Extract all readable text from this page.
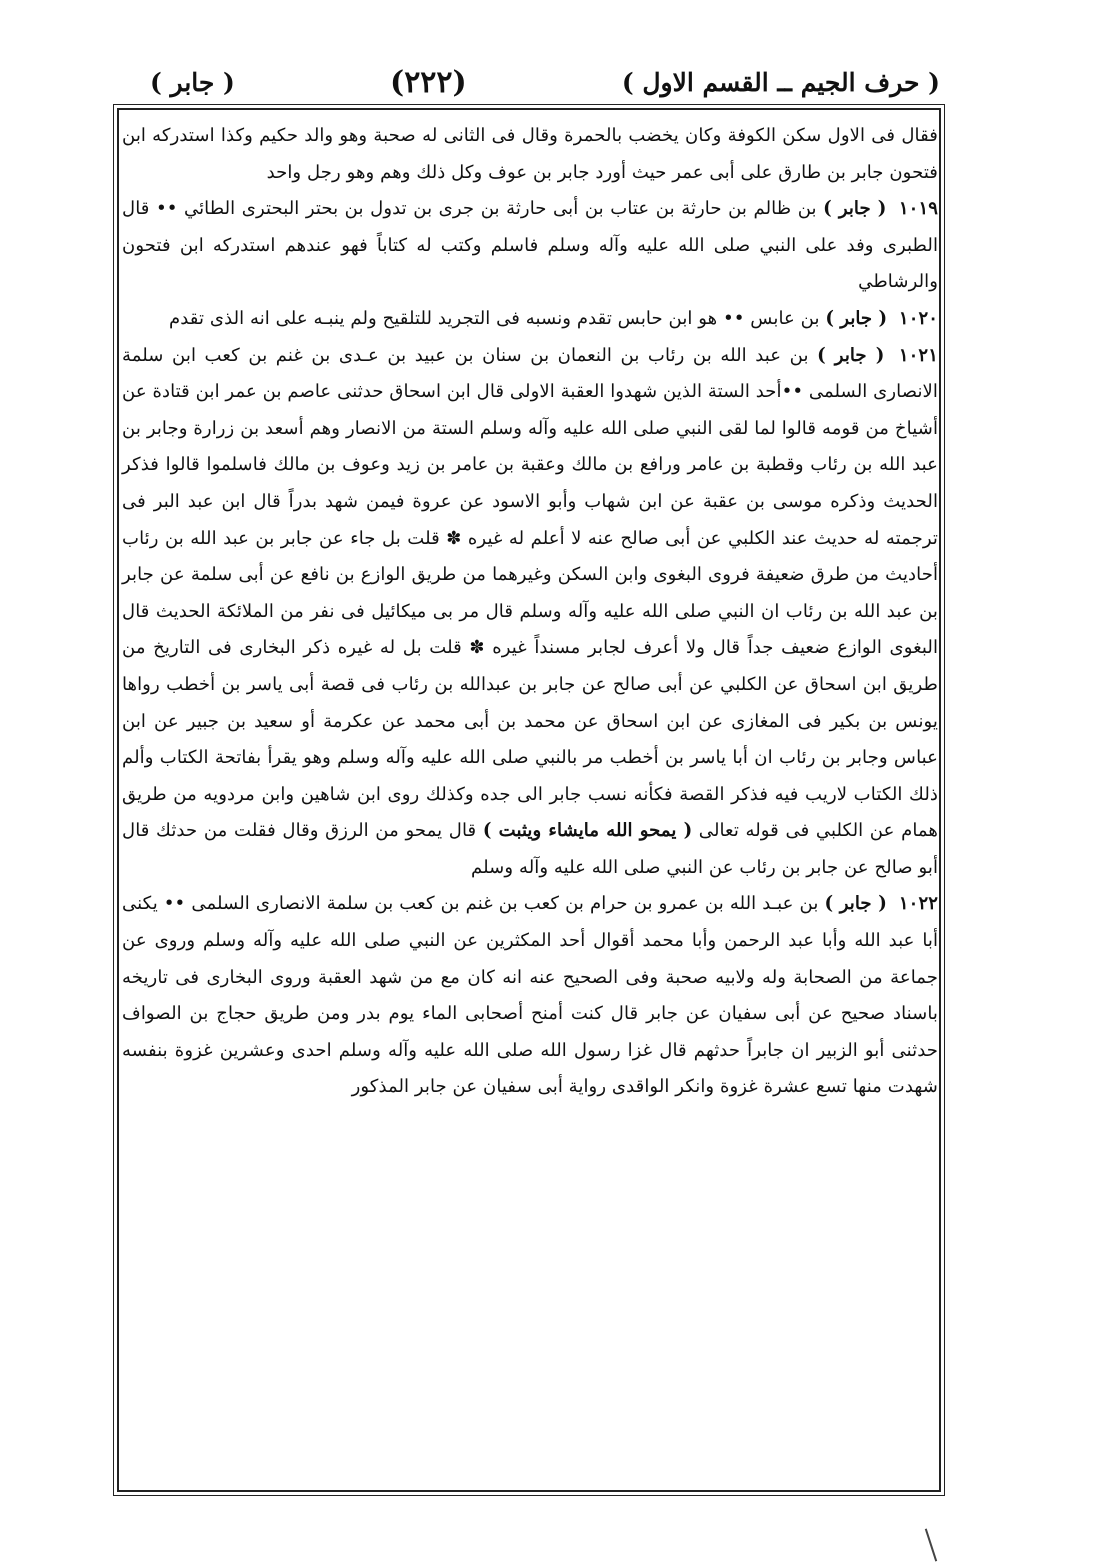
( حرف الجيم ــ القسم الاول )
(٢٢٢)
( جابر )

فقال فى الاول سكن الكوفة وكان يخضب بالحمرة وقال فى الثانى له صحبة وهو والد حكيم وكذا استدركه ابن فتحون جابر بن طارق على أبى عمر حيث أورد جابر بن عوف وكل ذلك وهم وهو رجل واحد

١٠١٩ ( جابر ) بن ظالم بن حارثة بن عتاب بن أبى حارثة بن جرى بن تدول بن بحتر البحترى الطائي •• قال الطبرى وفد على النبي صلى الله عليه وآله وسلم فاسلم وكتب له كتاباً فهو عندهم استدركه ابن فتحون والرشاطي

١٠٢٠ ( جابر ) بن عابس •• هو ابن حابس تقدم ونسبه فى التجريد للتلقيح ولم ينبـه على انه الذى تقدم

١٠٢١ ( جابر ) بن عبد الله بن رئاب بن النعمان بن سنان بن عبيد بن عـدى بن غنم بن كعب ابن سلمة الانصارى السلمى ••أحد الستة الذين شهدوا العقبة الاولى قال ابن اسحاق حدثنى عاصم بن عمر ابن قتادة عن أشياخ من قومه قالوا لما لقى النبي صلى الله عليه وآله وسلم الستة من الانصار وهم أسعد بن زرارة وجابر بن عبد الله بن رئاب وقطبة بن عامر ورافع بن مالك وعقبة بن عامر بن زيد وعوف بن مالك فاسلموا قالوا فذكر الحديث وذكره موسى بن عقبة عن ابن شهاب وأبو الاسود عن عروة فيمن شهد بدراً قال ابن عبد البر فى ترجمته له حديث عند الكلبي عن أبى صالح عنه لا أعلم له غيره ✽ قلت بل جاء عن جابر بن عبد الله بن رئاب أحاديث من طرق ضعيفة فروى البغوى وابن السكن وغيرهما من طريق الوازع بن نافع عن أبى سلمة عن جابر بن عبد الله بن رئاب ان النبي صلى الله عليه وآله وسلم قال مر بى ميكائيل فى نفر من الملائكة الحديث قال البغوى الوازع ضعيف جداً قال ولا أعرف لجابر مسنداً غيره ✽ قلت بل له غيره ذكر البخارى فى التاريخ من طريق ابن اسحاق عن الكلبي عن أبى صالح عن جابر بن عبدالله بن رئاب فى قصة أبى ياسر بن أخطب رواها يونس بن بكير فى المغازى عن ابن اسحاق عن محمد بن أبى محمد عن عكرمة أو سعيد بن جبير عن ابن عباس وجابر بن رئاب ان أبا ياسر بن أخطب مر بالنبي صلى الله عليه وآله وسلم وهو يقرأ بفاتحة الكتاب وألم ذلك الكتاب لاريب فيه فذكر القصة فكأنه نسب جابر الى جده وكذلك روى ابن شاهين وابن مردويه من طريق همام عن الكلبي فى قوله تعالى ( يمحو الله مايشاء ويثبت ) قال يمحو من الرزق وقال فقلت من حدثك قال أبو صالح عن جابر بن رئاب عن النبي صلى الله عليه وآله وسلم

١٠٢٢ ( جابر ) بن عبـد الله بن عمرو بن حرام بن كعب بن غنم بن كعب بن سلمة الانصارى السلمى •• يكنى أبا عبد الله وأبا عبد الرحمن وأبا محمد أقوال أحد المكثرين عن النبي صلى الله عليه وآله وسلم وروى عن جماعة من الصحابة وله ولابيه صحبة وفى الصحيح عنه انه كان مع من شهد العقبة وروى البخارى فى تاريخه باسناد صحيح عن أبى سفيان عن جابر قال كنت أمنح أصحابى الماء يوم بدر ومن طريق حجاج بن الصواف حدثنى أبو الزبير ان جابراً حدثهم قال غزا رسول الله صلى الله عليه وآله وسلم احدى وعشرين غزوة بنفسه شهدت منها تسع عشرة غزوة وانكر الواقدى رواية أبى سفيان عن جابر المذكور
